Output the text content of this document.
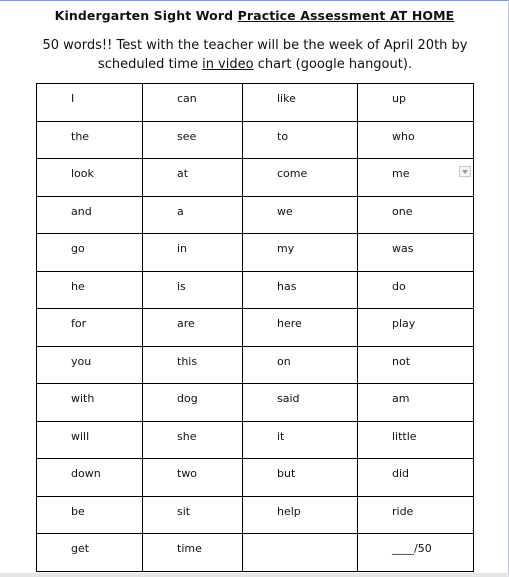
Kindergarten Sight Word Practice Assessment AT HOME
50 words!! Test with the teacher will be the week of April 20th by
scheduled time in video chart (google hangout).
I	can	like	up

the	see	to	who

look	at	come	me

and	a	we	one

go	in	my	was

he	is	has	do

for	are	here	play

you	this	on	not

with	dog	said	am

will	she	it	little

down	two	but	did

be	sit	help	ride

get	time		____/50
